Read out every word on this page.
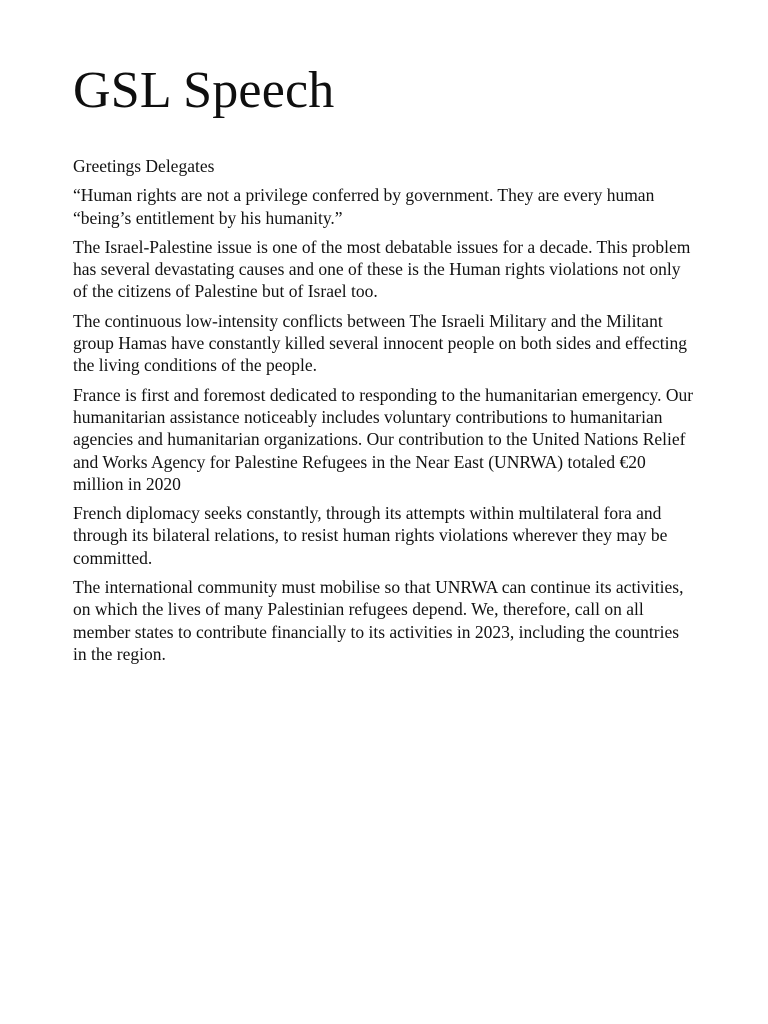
GSL Speech

Greetings Delegates

“Human rights are not a privilege conferred by government. They are every human “being’s entitlement by his humanity.”

The Israel-Palestine issue is one of the most debatable issues for a decade. This problem has several devastating causes and one of these is the Human rights violations not only of the citizens of Palestine but of Israel too.

The continuous low-intensity conflicts between The Israeli Military and the Militant group Hamas have constantly killed several innocent people on both sides and effecting the living conditions of the people.

France is first and foremost dedicated to responding to the humanitarian emergency. Our humanitarian assistance noticeably includes voluntary contributions to humanitarian agencies and humanitarian organizations. Our contribution to the United Nations Relief and Works Agency for Palestine Refugees in the Near East (UNRWA) totaled €20 million in 2020

French diplomacy seeks constantly, through its attempts within multilateral fora and through its bilateral relations, to resist human rights violations wherever they may be committed.

The international community must mobilise so that UNRWA can continue its activities, on which the lives of many Palestinian refugees depend. We, therefore, call on all member states to contribute financially to its activities in 2023, including the countries in the region.
